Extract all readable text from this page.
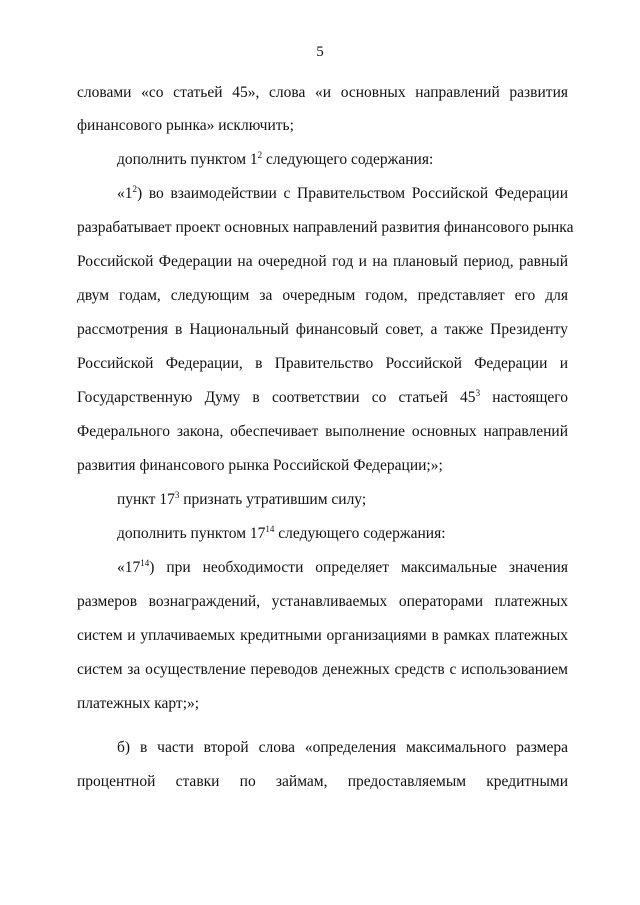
5
словами «со статьей 45», слова «и основных направлений развития
финансового рынка» исключить;
дополнить пунктом $1^2$ следующего содержания:
«$1^2$) во взаимодействии с Правительством Российской Федерации
разрабатывает проект основных направлений развития финансового рынка
Российской Федерации на очередной год и на плановый период, равный
двум годам, следующим за очередным годом, представляет его для
рассмотрения в Национальный финансовый совет, а также Президенту
Российской Федерации, в Правительство Российской Федерации и
Государственную Думу в соответствии со статьей $45^3$ настоящего
Федерального закона, обеспечивает выполнение основных направлений
развития финансового рынка Российской Федерации;»;
пункт $17^3$ признать утратившим силу;
дополнить пунктом $17^{14}$ следующего содержания:
«$17^{14}$) при необходимости определяет максимальные значения
размеров вознаграждений, устанавливаемых операторами платежных
систем и уплачиваемых кредитными организациями в рамках платежных
систем за осуществление переводов денежных средств с использованием
платежных карт;»;
б) в части второй слова «определения максимального размера
процентной ставки по займам, предоставляемым кредитными
